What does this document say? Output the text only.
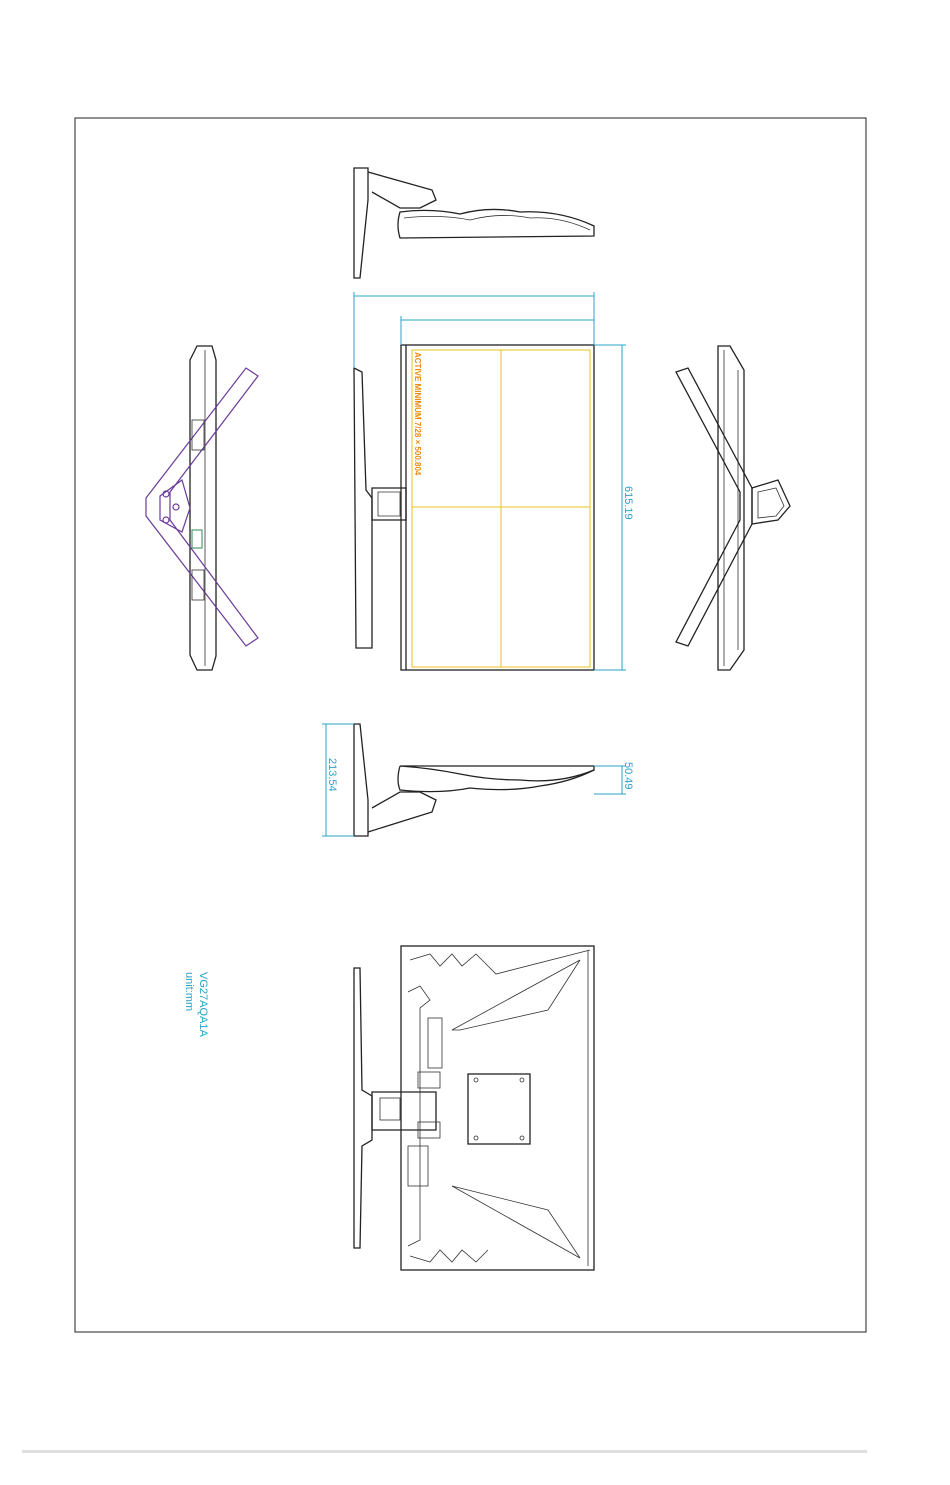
ACTIVE MINIMUM 7/28 × 500.804
615.19
213.54	50.49
VG27AQA1A
unit:mm
